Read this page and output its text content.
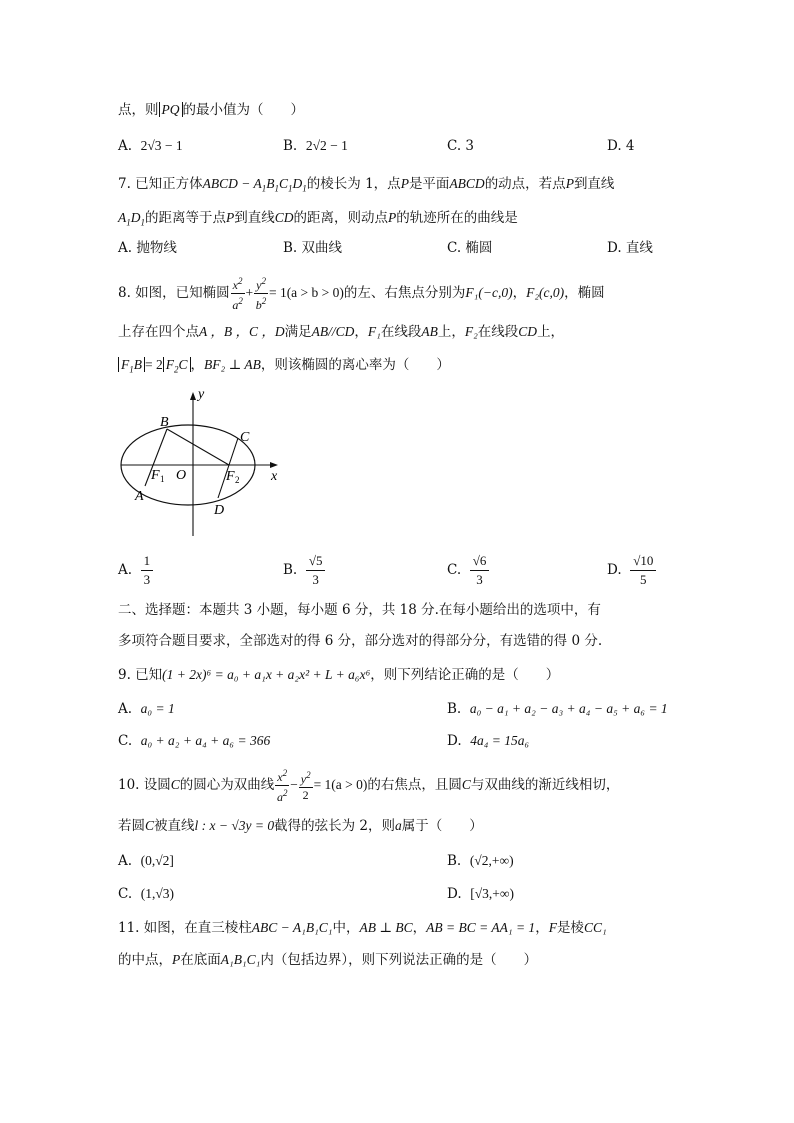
点，则 PQ 的最小值为（　　）
A. 2√3 − 1	B. 2√2 − 1	C. 3	D. 4
7. 已知正方体ABCD − $A_1B_1C_1D_1$的棱长为 1，点P是平面ABCD的动点，若点P到直线
$A_1D_1$的距离等于点P到直线CD的距离，则动点P的轨迹所在的曲线是
A. 抛物线	B. 双曲线	C. 椭圆	D. 直线
8. 如图，已知椭圆 $\frac{x^2}{a^2} + \frac{y^2}{b^2} = 1(a > b > 0)$的左、右焦点分别为F₁(−c,0)，F₂(c,0)，椭圆
上存在四个点A ，B ，C ，D满足AB//CD，F₁在线段AB上，F₂在线段CD上，
$F_1B = 2$ $F_2C$ ，BF₂ ⊥ AB，则该椭圆的离心率为（　　）
y
x
B
C
A
D
O
F 1	F 2
A. $\frac{1}{3}$	B. $\frac{√5}{3}$	C. $\frac{√6}{3}$	D. $\frac{√10}{5}$
二、选择题：本题共 3 小题，每小题 6 分，共 18 分.在每小题给出的选项中，有
多项符合题目要求，全部选对的得 6 分，部分选对的得部分分，有选错的得 0 分.
9. 已知(1 + 2x)⁶ = a₀ + a₁x + a₂x² + L + a₆x⁶，则下列结论正确的是（　　）
A. a₀ = 1	B. a₀ − a₁ + a₂ − a₃ + a₄ − a₅ + a₆ = 1
C. a₀ + a₂ + a₄ + a₆ = 366	D. 4a₄ = 15a₆
10. 设圆C的圆心为双曲线 $\frac{x^2}{a^2} - \frac{y^2}{2} = 1(a > 0)$的右焦点，且圆C与双曲线的渐近线相切，
若圆C被直线l : x − √3y = 0截得的弦长为 2，则a属于（　　）
A. (0,√2]	B. (√2,+∞)
C. (1,√3)	D. [√3,+∞)
11. 如图，在直三棱柱ABC − A₁B₁C₁中，AB ⊥ BC，AB = BC = AA₁ = 1，F是棱CC₁
的中点，P在底面A₁B₁C₁内（包括边界），则下列说法正确的是（　　）
